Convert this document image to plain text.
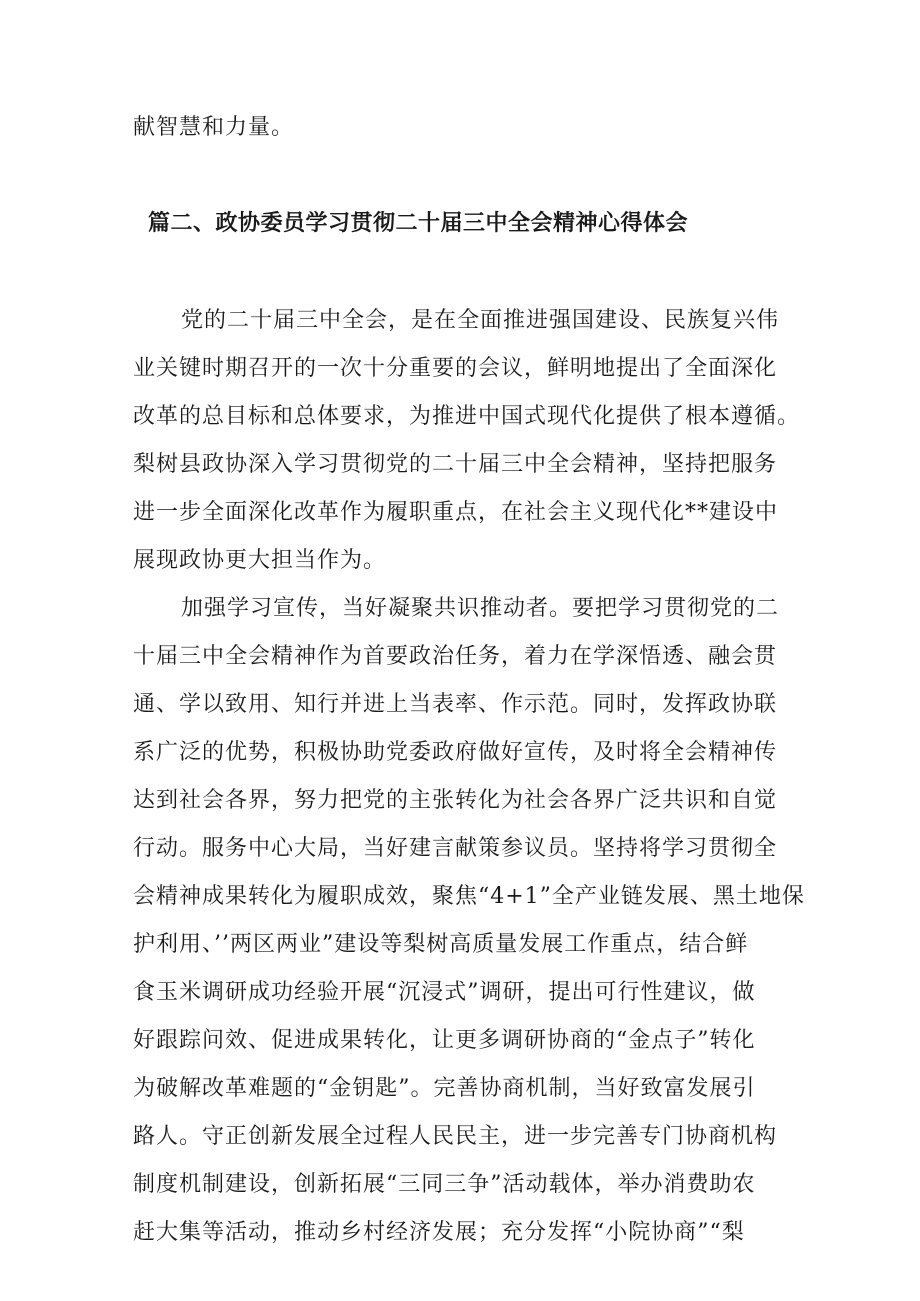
献智慧和力量。
篇二、政协委员学习贯彻二十届三中全会精神心得体会
党的二十届三中全会，是在全面推进强国建设、民族复兴伟
业关键时期召开的一次十分重要的会议，鲜明地提出了全面深化
改革的总目标和总体要求，为推进中国式现代化提供了根本遵循。
梨树县政协深入学习贯彻党的二十届三中全会精神，坚持把服务
进一步全面深化改革作为履职重点，在社会主义现代化**建设中
展现政协更大担当作为。
加强学习宣传，当好凝聚共识推动者。要把学习贯彻党的二
十届三中全会精神作为首要政治任务，着力在学深悟透、融会贯
通、学以致用、知行并进上当表率、作示范。同时，发挥政协联
系广泛的优势，积极协助党委政府做好宣传，及时将全会精神传
达到社会各界，努力把党的主张转化为社会各界广泛共识和自觉
行动。服务中心大局，当好建言献策参议员。坚持将学习贯彻全
会精神成果转化为履职成效，聚焦“4+1”全产业链发展、黑土地保
护利用、’’两区两业”建设等梨树高质量发展工作重点，结合鲜
食玉米调研成功经验开展“沉浸式”调研，提出可行性建议，做
好跟踪问效、促进成果转化，让更多调研协商的“金点子”转化
为破解改革难题的“金钥匙”。完善协商机制，当好致富发展引
路人。守正创新发展全过程人民民主，进一步完善专门协商机构
制度机制建设，创新拓展“三同三争”活动载体，举办消费助农
赶大集等活动，推动乡村经济发展；充分发挥“小院协商”“梨
